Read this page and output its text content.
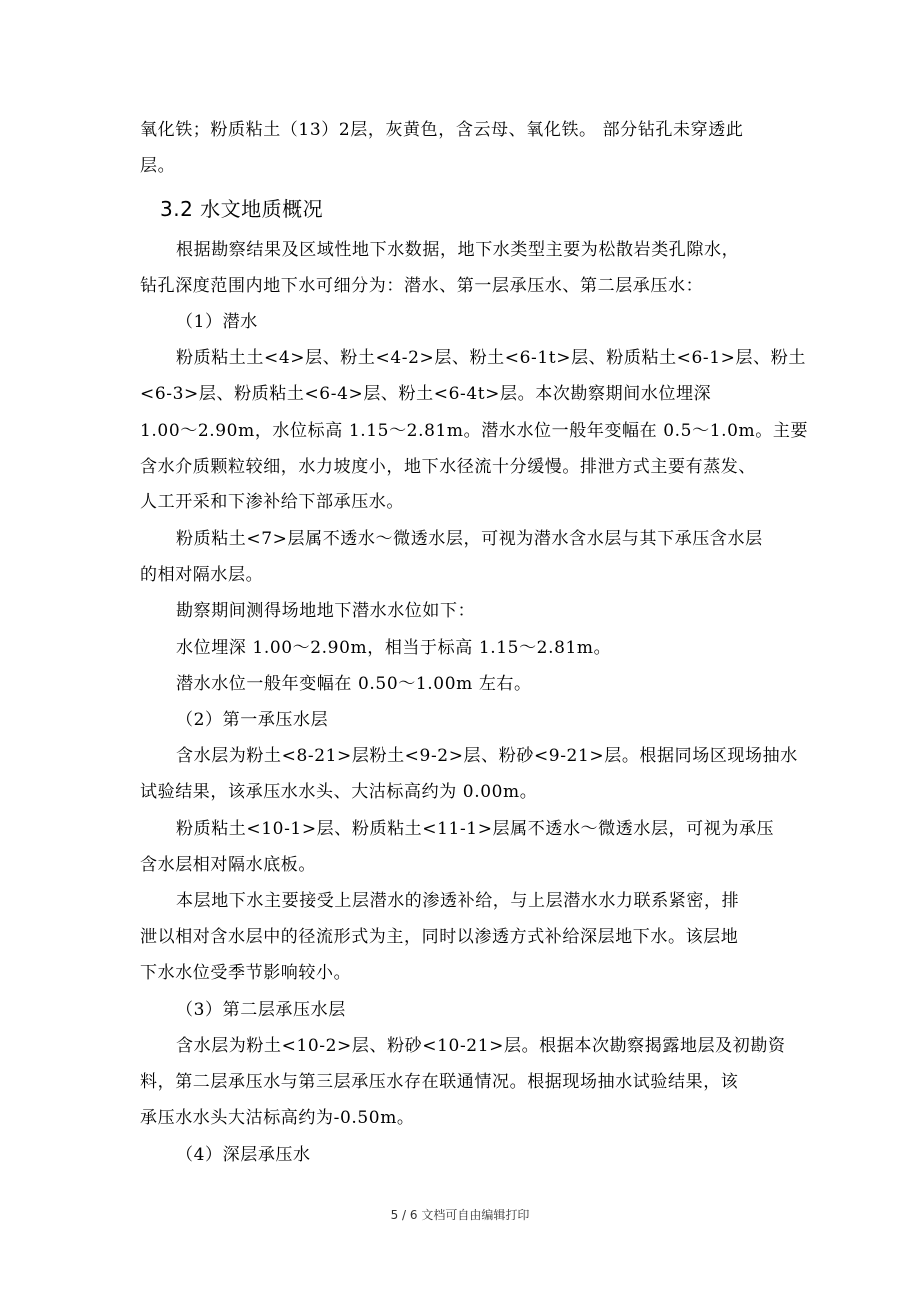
氧化铁；粉质粘土（13）2层，灰黄色，含云母、氧化铁。 部分钻孔未穿透此
层。
3.2 水文地质概况
根据勘察结果及区域性地下水数据，地下水类型主要为松散岩类孔隙水，
钻孔深度范围内地下水可细分为：潜水、第一层承压水、第二层承压水：
（1）潜水
粉质粘土土<4>层、粉土<4-2>层、粉土<6-1t>层、粉质粘土<6-1>层、粉土
<6-3>层、粉质粘土<6-4>层、粉土<6-4t>层。本次勘察期间水位埋深
1.00～2.90m，水位标高 1.15～2.81m。潜水水位一般年变幅在 0.5～1.0m。主要
含水介质颗粒较细，水力坡度小，地下水径流十分缓慢。排泄方式主要有蒸发、
人工开采和下渗补给下部承压水。
粉质粘土<7>层属不透水～微透水层，可视为潜水含水层与其下承压含水层
的相对隔水层。
勘察期间测得场地地下潜水水位如下：
水位埋深 1.00～2.90m，相当于标高 1.15～2.81m。
潜水水位一般年变幅在 0.50～1.00m 左右。
（2）第一承压水层
含水层为粉土<8-21>层粉土<9-2>层、粉砂<9-21>层。根据同场区现场抽水
试验结果，该承压水水头、大沽标高约为 0.00m。
粉质粘土<10-1>层、粉质粘土<11-1>层属不透水～微透水层，可视为承压
含水层相对隔水底板。
本层地下水主要接受上层潜水的渗透补给，与上层潜水水力联系紧密，排
泄以相对含水层中的径流形式为主，同时以渗透方式补给深层地下水。该层地
下水水位受季节影响较小。
（3）第二层承压水层
含水层为粉土<10-2>层、粉砂<10-21>层。根据本次勘察揭露地层及初勘资
料，第二层承压水与第三层承压水存在联通情况。根据现场抽水试验结果，该
承压水水头大沽标高约为-0.50m。
（4）深层承压水
5 / 6 文档可自由编辑打印
